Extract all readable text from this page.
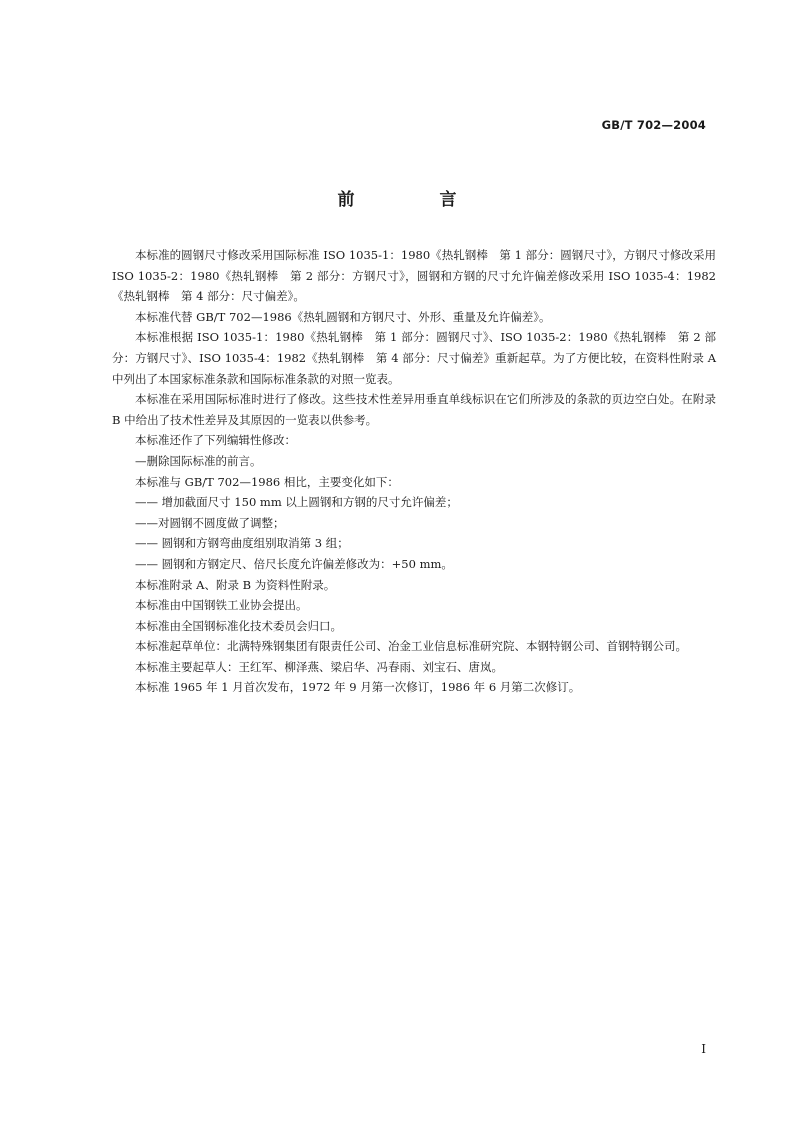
GB/T 702—2004

前　言

本标准的圆钢尺寸修改采用国际标准 ISO 1035-1：1980《热轧钢棒　第 1 部分：圆钢尺寸》，方钢尺寸修改采用 ISO 1035-2：1980《热轧钢棒　第 2 部分：方钢尺寸》，圆钢和方钢的尺寸允许偏差修改采用 ISO 1035-4：1982《热轧钢棒　第 4 部分：尺寸偏差》。

本标准代替 GB/T 702—1986《热轧圆钢和方钢尺寸、外形、重量及允许偏差》。

本标准根据 ISO 1035-1：1980《热轧钢棒　第 1 部分：圆钢尺寸》、ISO 1035-2：1980《热轧钢棒　第 2 部分：方钢尺寸》、ISO 1035-4：1982《热轧钢棒　第 4 部分：尺寸偏差》重新起草。为了方便比较，在资料性附录 A 中列出了本国家标准条款和国际标准条款的对照一览表。

本标准在采用国际标准时进行了修改。这些技术性差异用垂直单线标识在它们所涉及的条款的页边空白处。在附录 B 中给出了技术性差异及其原因的一览表以供参考。

本标准还作了下列编辑性修改：

—删除国际标准的前言。

本标准与 GB/T 702—1986 相比，主要变化如下：

—— 增加截面尺寸 150 mm 以上圆钢和方钢的尺寸允许偏差；

——对圆钢不圆度做了调整；

—— 圆钢和方钢弯曲度组别取消第 3 组；

—— 圆钢和方钢定尺、倍尺长度允许偏差修改为：+50 mm。

本标准附录 A、附录 B 为资料性附录。

本标准由中国钢铁工业协会提出。

本标准由全国钢标准化技术委员会归口。

本标准起草单位：北满特殊钢集团有限责任公司、冶金工业信息标准研究院、本钢特钢公司、首钢特钢公司。

本标准主要起草人：王红军、柳泽燕、梁启华、冯春雨、刘宝石、唐岚。

本标准 1965 年 1 月首次发布，1972 年 9 月第一次修订，1986 年 6 月第二次修订。

I
